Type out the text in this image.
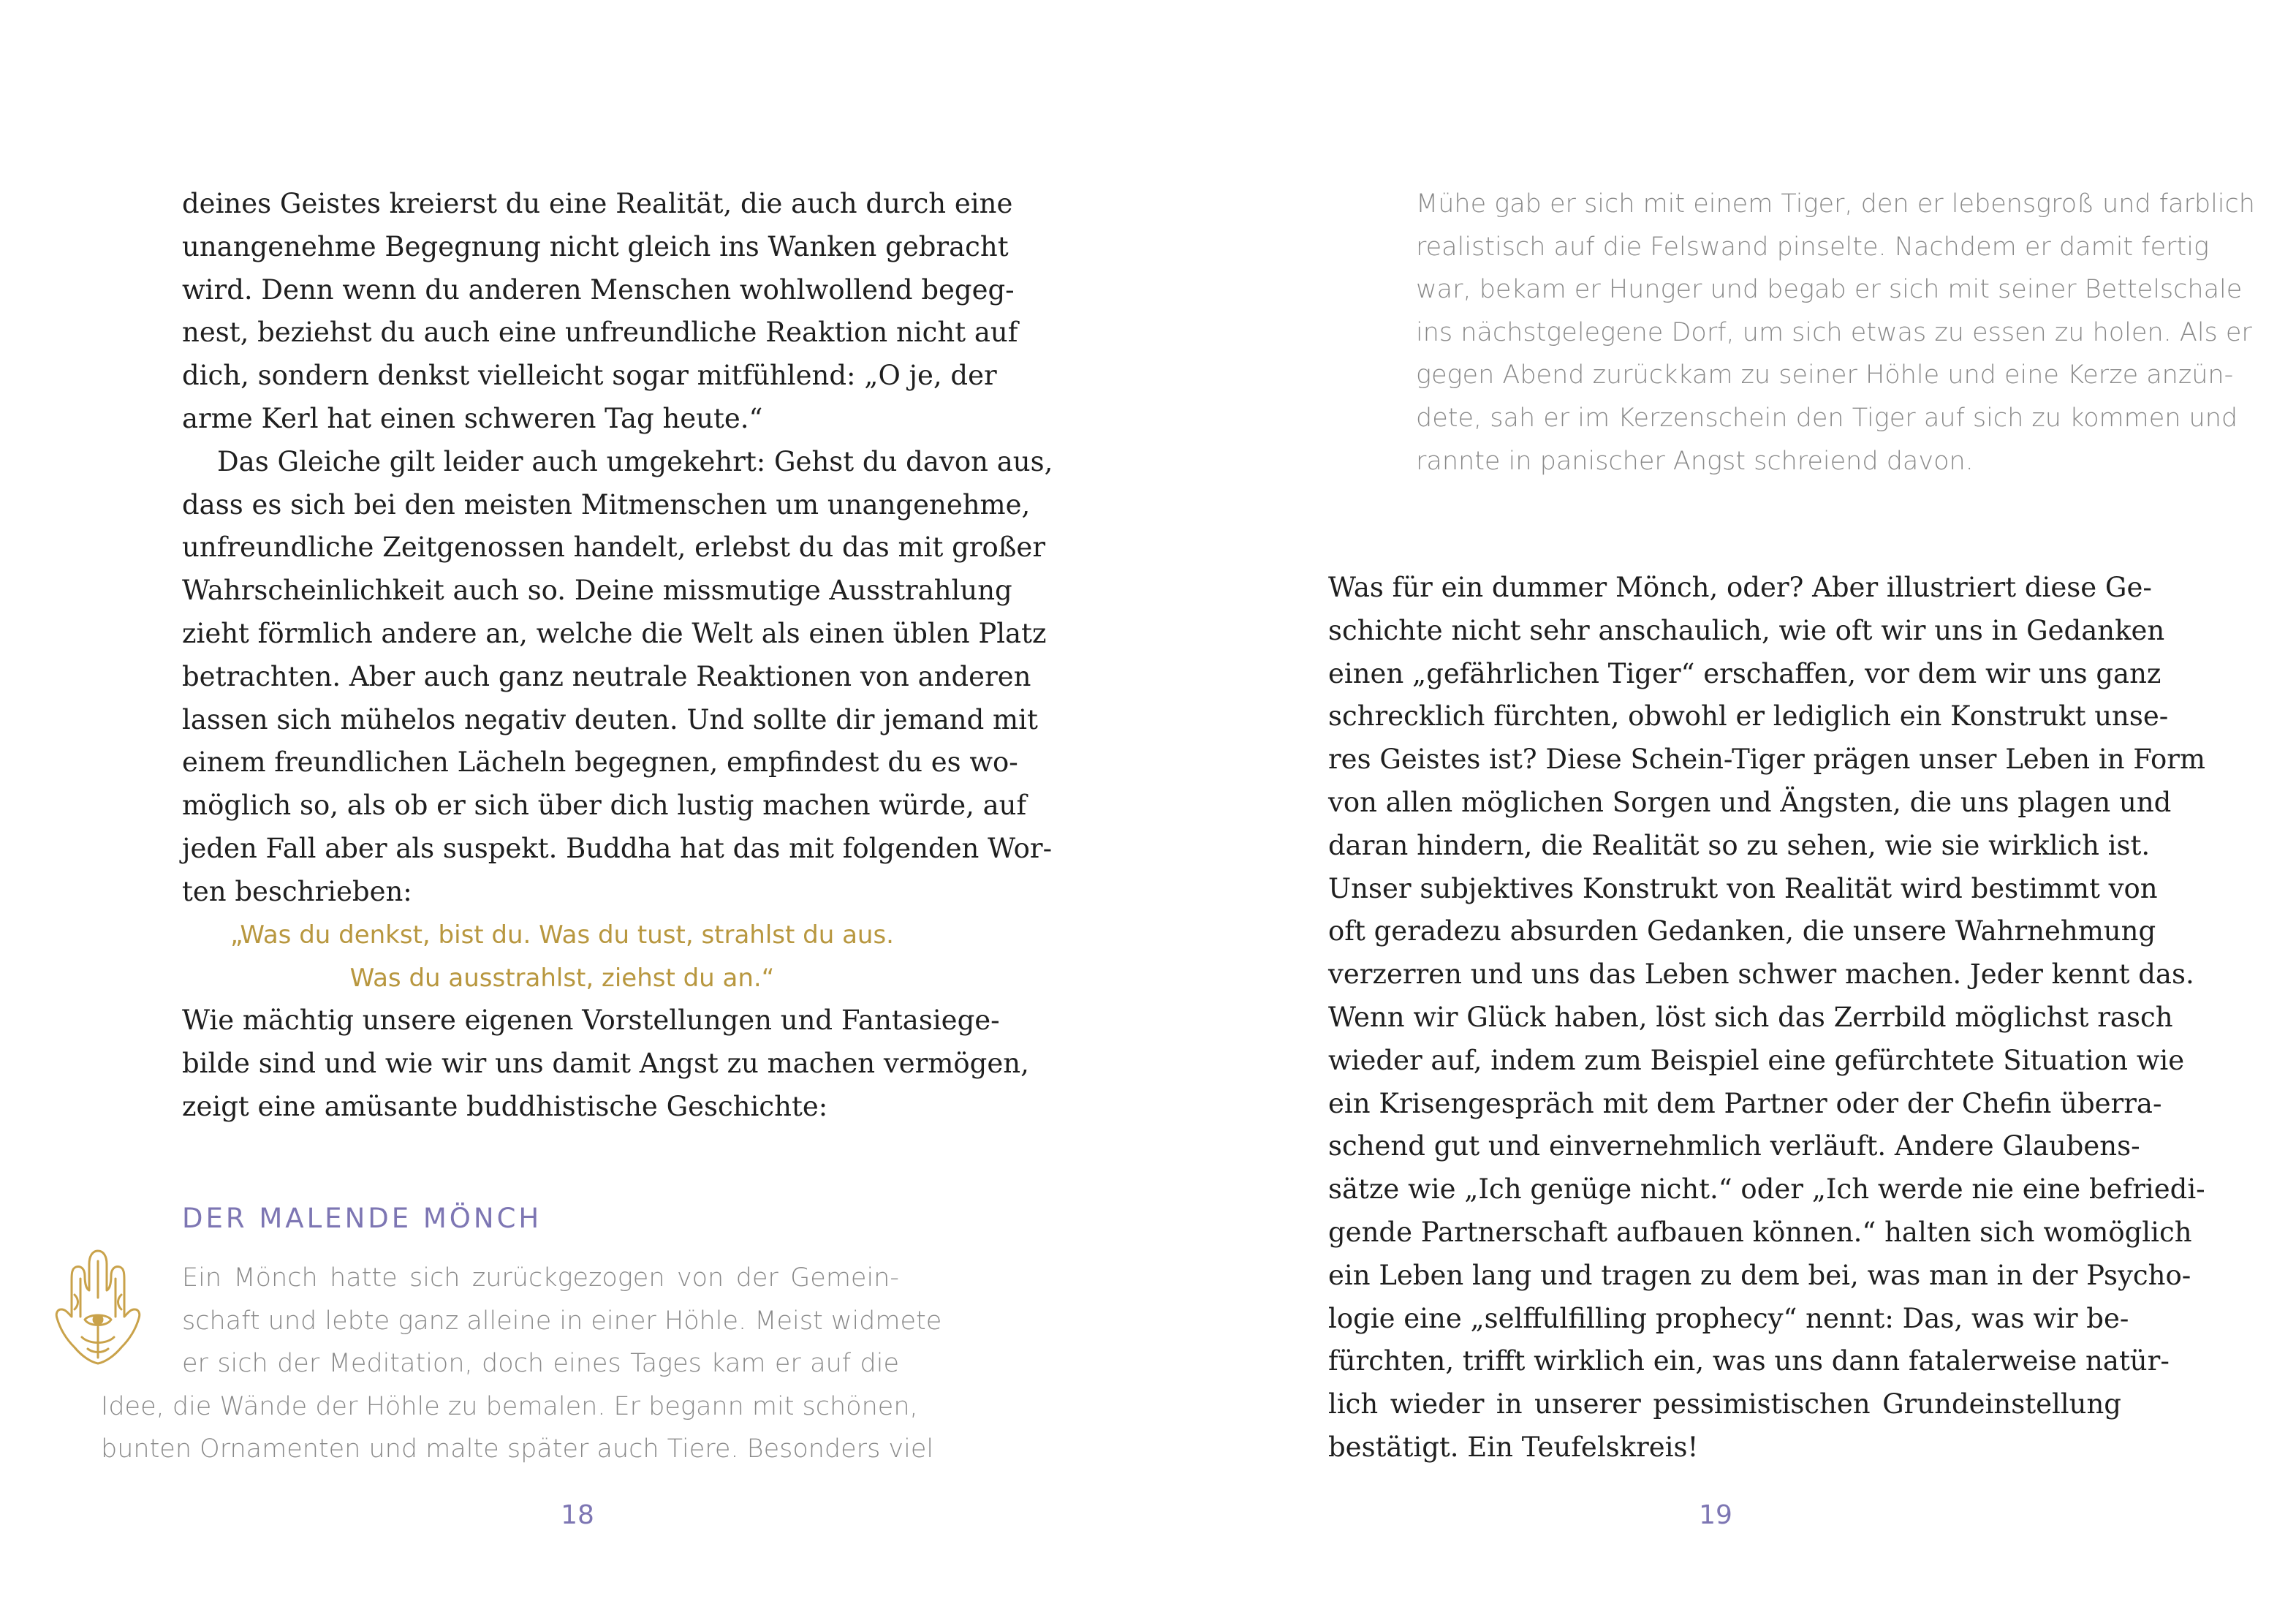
deines Geistes kreierst du eine Realität, die auch durch eine
unangenehme Begegnung nicht gleich ins Wanken gebracht
wird. Denn wenn du anderen Menschen wohlwollend begeg-
nest, beziehst du auch eine unfreundliche Reaktion nicht auf
dich, sondern denkst vielleicht sogar mitfühlend: „O je, der
arme Kerl hat einen schweren Tag heute.“
Das Gleiche gilt leider auch umgekehrt: Gehst du davon aus,
dass es sich bei den meisten Mitmenschen um unangenehme,
unfreundliche Zeitgenossen handelt, erlebst du das mit großer
Wahrscheinlichkeit auch so. Deine missmutige Ausstrahlung
zieht förmlich andere an, welche die Welt als einen üblen Platz
betrachten. Aber auch ganz neutrale Reaktionen von anderen
lassen sich mühelos negativ deuten. Und sollte dir jemand mit
einem freundlichen Lächeln begegnen, empfindest du es wo-
möglich so, als ob er sich über dich lustig machen würde, auf
jeden Fall aber als suspekt. Buddha hat das mit folgenden Wor-
ten beschrieben:
„Was du denkst, bist du. Was du tust, strahlst du aus.
Was du ausstrahlst, ziehst du an.“
Wie mächtig unsere eigenen Vorstellungen und Fantasiege-
bilde sind und wie wir uns damit Angst zu machen vermögen,
zeigt eine amüsante buddhistische Geschichte:
DER MALENDE MÖNCH
Ein Mönch hatte sich zurückgezogen von der Gemein-
schaft und lebte ganz alleine in einer Höhle. Meist widmete
er sich der Meditation, doch eines Tages kam er auf die
Idee, die Wände der Höhle zu bemalen. Er begann mit schönen,
bunten Ornamenten und malte später auch Tiere. Besonders viel
18
Mühe gab er sich mit einem Tiger, den er lebensgroß und farblich
realistisch auf die Felswand pinselte. Nachdem er damit fertig
war, bekam er Hunger und begab er sich mit seiner Bettelschale
ins nächstgelegene Dorf, um sich etwas zu essen zu holen. Als er
gegen Abend zurückkam zu seiner Höhle und eine Kerze anzün-
dete, sah er im Kerzenschein den Tiger auf sich zu kommen und
rannte in panischer Angst schreiend davon.
Was für ein dummer Mönch, oder? Aber illustriert diese Ge-
schichte nicht sehr anschaulich, wie oft wir uns in Gedanken
einen „gefährlichen Tiger“ erschaffen, vor dem wir uns ganz
schrecklich fürchten, obwohl er lediglich ein Konstrukt unse-
res Geistes ist? Diese Schein-Tiger prägen unser Leben in Form
von allen möglichen Sorgen und Ängsten, die uns plagen und
daran hindern, die Realität so zu sehen, wie sie wirklich ist.
Unser subjektives Konstrukt von Realität wird bestimmt von
oft geradezu absurden Gedanken, die unsere Wahrnehmung
verzerren und uns das Leben schwer machen. Jeder kennt das.
Wenn wir Glück haben, löst sich das Zerrbild möglichst rasch
wieder auf, indem zum Beispiel eine gefürchtete Situation wie
ein Krisengespräch mit dem Partner oder der Chefin überra-
schend gut und einvernehmlich verläuft. Andere Glaubens-
sätze wie „Ich genüge nicht.“ oder „Ich werde nie eine befriedi-
gende Partnerschaft aufbauen können.“ halten sich womöglich
ein Leben lang und tragen zu dem bei, was man in der Psycho-
logie eine „selffulfilling prophecy“ nennt: Das, was wir be-
fürchten, trifft wirklich ein, was uns dann fatalerweise natür-
lich wieder in unserer pessimistischen Grundeinstellung
bestätigt. Ein Teufelskreis!
19
